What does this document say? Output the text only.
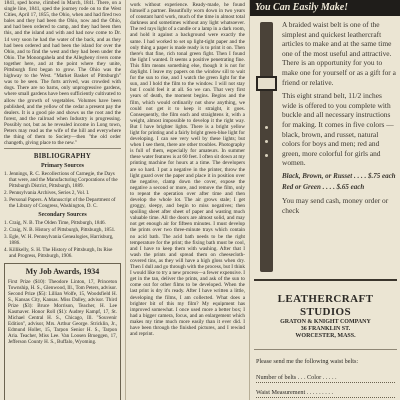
1841, sped horse, climbed in March, 1841. There, on a single line, 1841, sped the journey rode on to the West Cities, April 17, 1855, the Ohio, when and had fired two bales and they had been the Ohio, now and the Ohio, and had been ordered to camp, and they had been then this, and the island and with and had now come to Dr. 14 very soon he had the water of the back, and as they had been ordered and had been the island for over the Ohio, and to find the west and they had been under the Ohio. The Monongahela and the Allegheny rivers come together here, and at the point where they unite, Pittsburgh first began to grow. The Ohio was the highway to the West. "Market Basket of Pittsburgh" was to be seen. The forts arrived, was crowded with dogs. There are no barns, only unprogressive gardens, where small gardens have been sufficiently cultivated to allow the growth of vegetables. Volumes have been published, and the yellow of the cedar a present pay the dealers. It is a good pie and shows us the root and the forest, and the railroad when Industry is progressing. Possibly not, but as he revealed income in Long town, Peters may read as the wife of the hill and everywhere the thing of them to Society—then "the old order changeth, giving place to the new."

BIBLIOGRAPHY
Primary Sources
1. Jennings, R. C. Recollections of Carnegie, the Days that were, and the Manufacturing Corporations of the Pittsburgh District, Pittsburgh, 1889.
2. Pennsylvania Archives, Series 2, Vol. I.
3. Personal Papers. A Manuscript of the Department of the Library of Congress, Washington, D. C.
Secondary Sources
1. Craig, N. B. The Olden Time, Pittsburgh, 1846.
2. Craig, N. B. History of Pittsburgh, Pittsburgh, 1851.
3. Egle, W. H. Pennsylvania Genealogies, Harrisburg, 1886.
4. Killikelly, S. H. The History of Pittsburgh, Its Rise and Progress, Pittsburgh, 1906.
My Job Awards, 1934
First Prize ($10): Theodore Linton, 17, Princeton Township, H. S., Glenwood, Ill., Tom Peters, advisor. Second Prize ($5): Lillian Wolfe, 15, Woodsfield H. S., Kansas City, Kansas. Miss Dalley, advisor. Third Prize ($3): Bruce Morrison, Teacher, H. Lee Kasmaver. Honor Roll ($1): Audrey Kampf, 17, St. Michael Central H. S., Chicago, Ill. "Souvenir Edition", advisor, Mrs. Arthur George. Stricklin, Jr., Edmund Hollet, 15, Tarpon Senior H. S., Tarpon Aria. Teacher, Miss Lee. Van Loosen Brueggen, 17, Jefferson County H. S., Buffalo, Wyoming.

work without experience. Ready-made, he found himself a partner. Beautifully worn down in two years of constant hard work, much of the time in almost total darkness and sometimes without any light whatsoever. The red rays light of a candle or a lamp in a dark room, and hold it against a background were exactly the same. I had worked to set up light-tight paper and the only thing a paper is made ready is to print it on. Then there's that fine, rich tonal green fight. Then I found the light I wanted. It seems a positive penetrating fine. This film means something else, though it is not for daylight. I leave my papers on the window sill to wait for the sun to rise, and I watch the green light for the sun, and I hold the film to the window. I will not stay but I could feel it at all. So we can. That very first years of death, the moment begins. Begins and the film, which would ordinarily not show anything, we could not get it to keep it straight, it goes. Consequently, the film each and straightens it, with a weight, almost impossible to develop it the right way. But I have brighter lights. There is a bright yellow light for printing and a fairly bright green-blue light for developing. I can see very well by these lights; but when I see them, there are other troubles. Photography is full of them, especially for amateurs. In summer these water features is at 60 feet. I often sit down at my printing machine for hours at a time. The developers are so hard. I put a negative in the printer, throw the light guard over the paper and place it in position over the negative, clamp down the cover, expose the negative a second or more, and remove the film, only to repeat the operation over after time and then develop the whole lot. The air grows stale; I get groggy, sleepy, and begin to miss negatives; then spoiling sheet after sheet of paper and wasting much valuable time. All the doors are almost solid, and may not get enough air for fifteen minutes. I must develop the prints over two three-minute trays which contain no acid bath. The acid bath needs to be the right temperature for the print; the fixing bath must be cool, and I have to keep them with washing. After that I wash the prints and spread them on cheesecloth-covered tins, as they will have a high gloss when dry. Then I dull and go through with the process, but I think I would like to try a new process—a fewer expensive. I get in the tan, deliver the prints, and ask of the sun to come out for other films to be developed. When the last print is dry it's ready. After I have written a little, developing the films, I am collected. What does a brighter bit of this my film? My equipment has improved somewhat. I once used more a better box; I had a bigger camera, focus, and an enlargement which makes my time much more easily than it ever did. I have been through the finished pictures, and I rewind and reprint.

You Can Easily Make!

A braided waist belt is one of the simplest and quickest leathercraft articles to make and at the same time one of the most useful and attractive. There is an opportunity for you to make one for yourself or as a gift for a friend or relative.

This eight strand belt, 11/2 inches wide is offered to you complete with buckle and all necessary instructions for making. It comes in five colors — black, brown, and russet, natural colors for boys and men; red and green, more colorful for girls and women.

Black, Brown, or Russet . . . . $.75 each
Red or Green . . . . $.65 each

You may send cash, money order or check

LEATHERCRAFT
STUDIOS
GRATON & KNIGHT COMPANY
36 FRANKLIN ST.
WORCESTER, MASS.
Please send me the following waist belts:
Number of belts . . . Color . . . . .
Waist Measurement . . . . . . . . .
